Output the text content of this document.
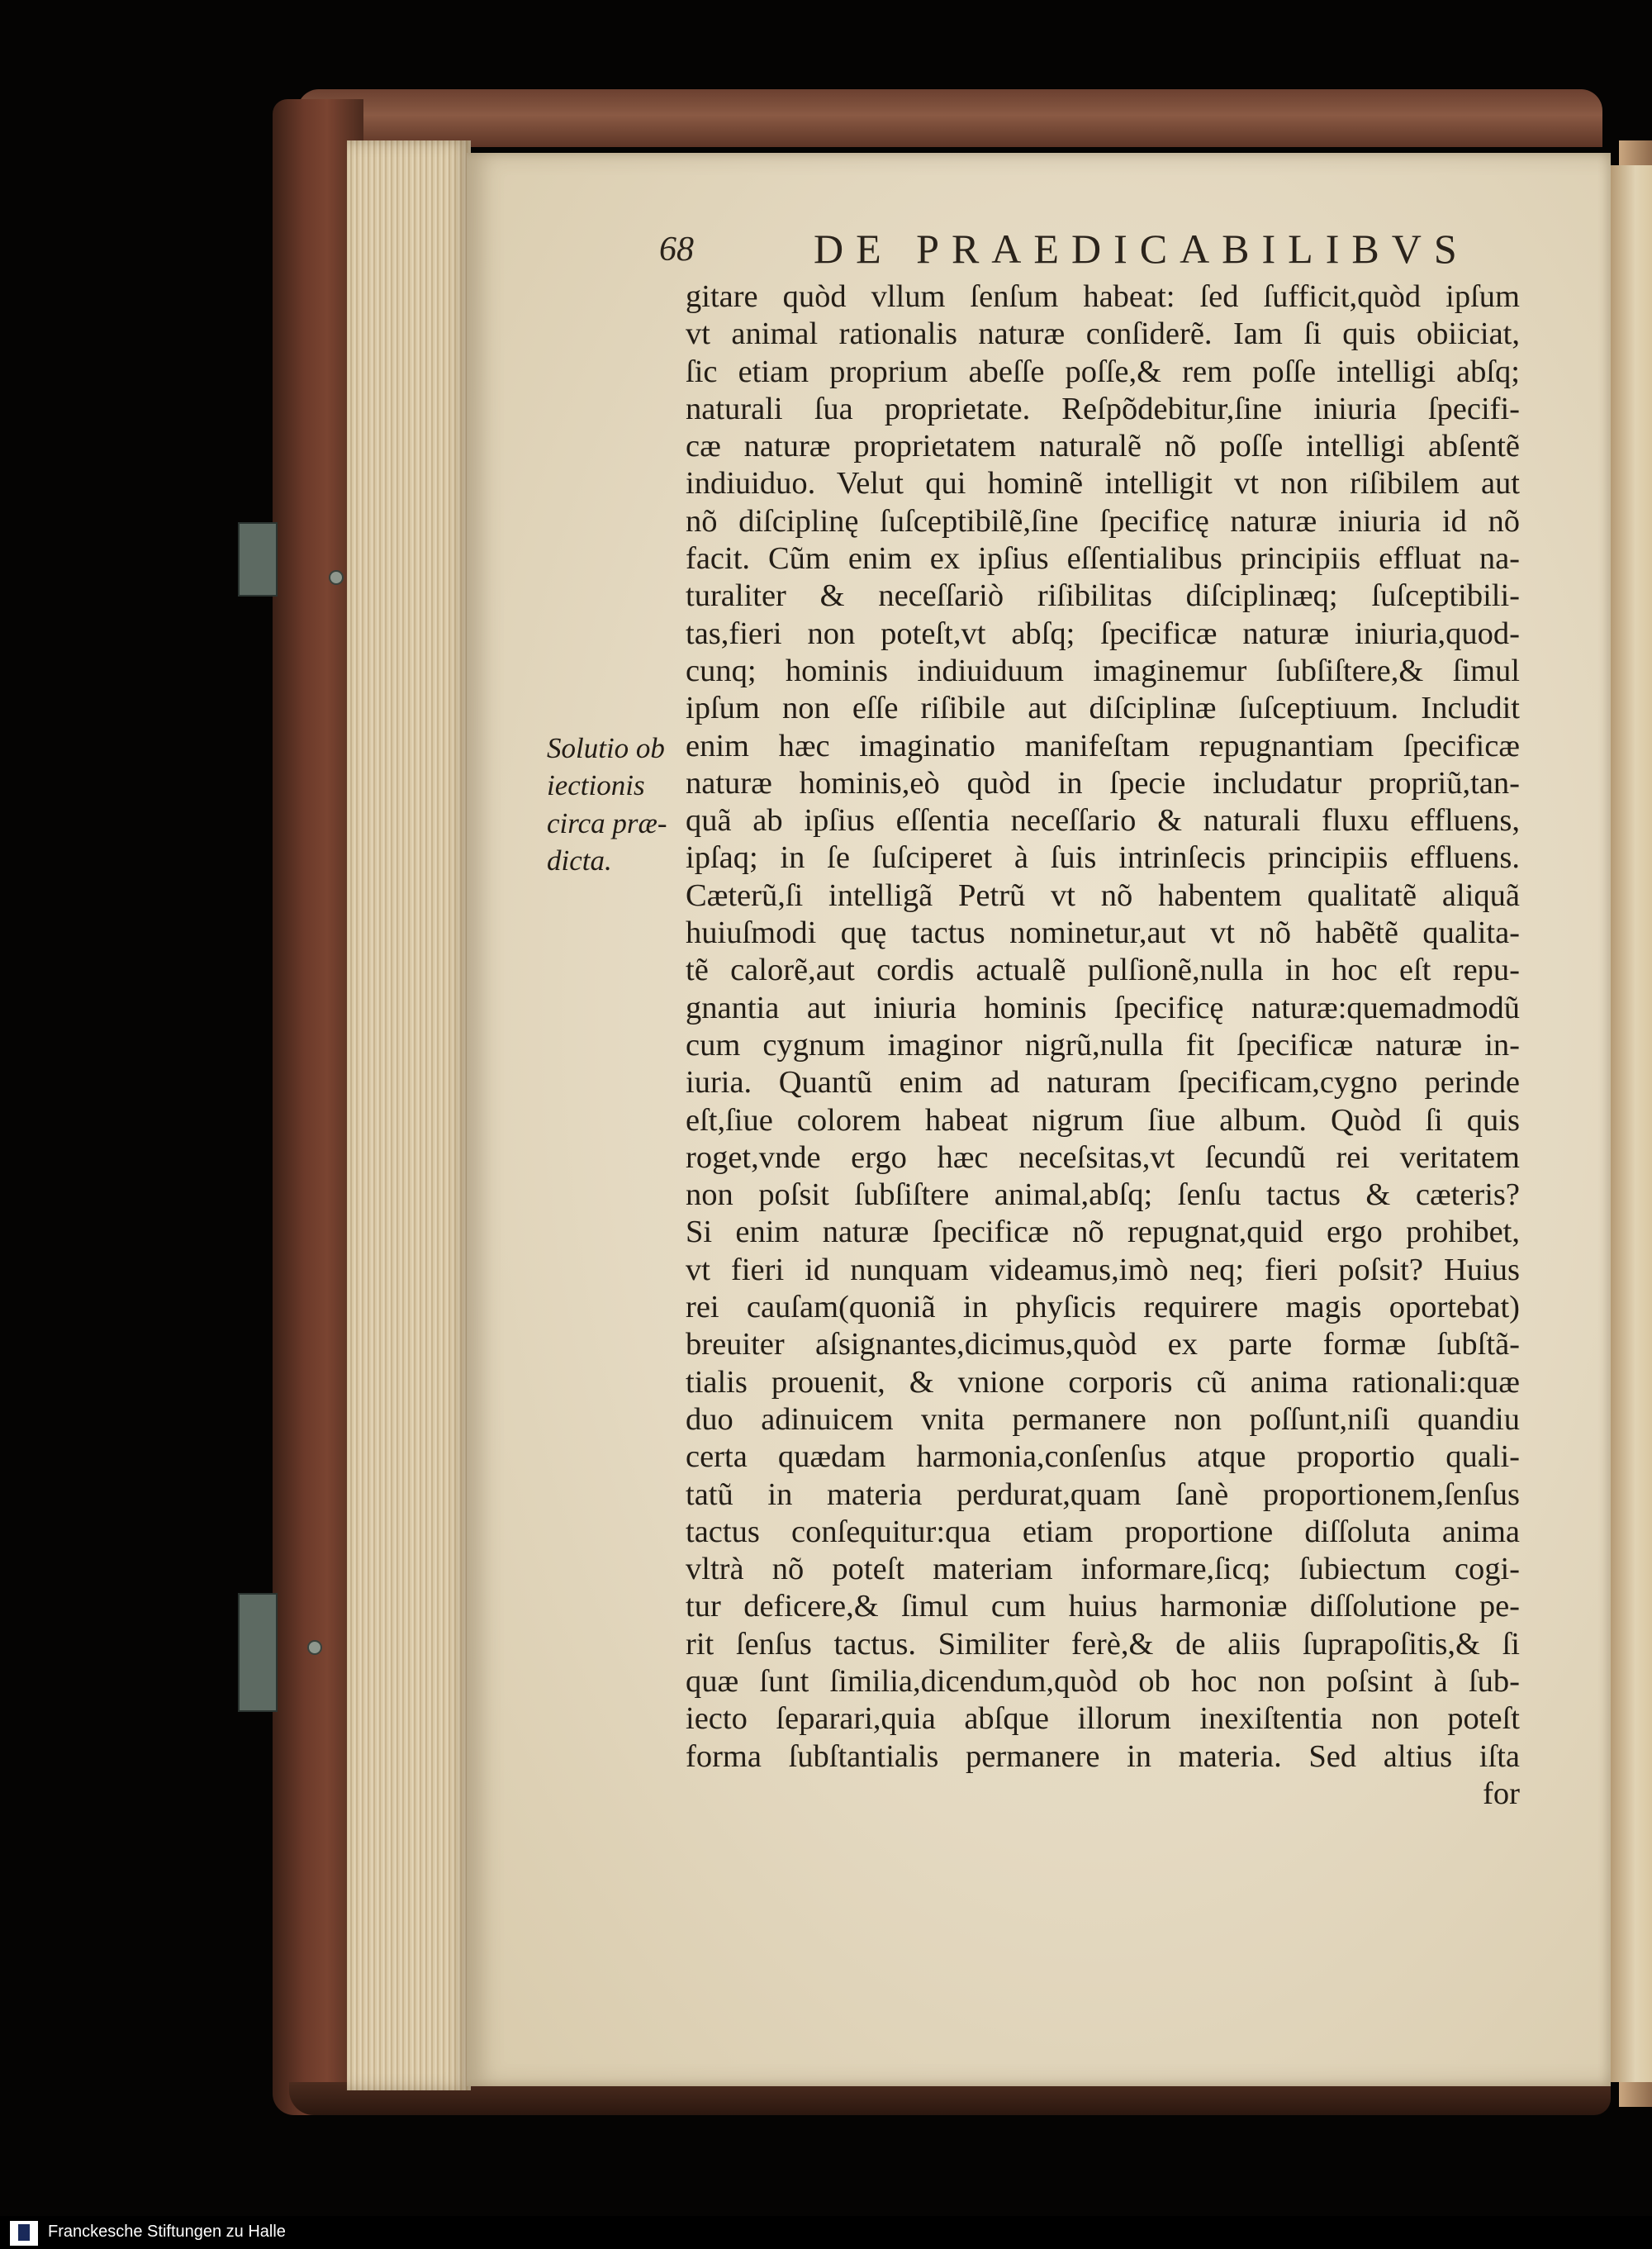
68	DE PRAEDICABILIBVS
Solutio ob
iectionis
circa præ-
dicta.
gitare quòd vllum ſenſum habeat: ſed ſufficit,quòd ipſum
vt animal rationalis naturæ conſiderẽ. Iam ſi quis obiiciat,
ſic etiam proprium abeſſe poſſe,& rem poſſe intelligi abſq;
naturali ſua proprietate. Reſpõdebitur,ſine iniuria ſpecifi-
cæ naturæ proprietatem naturalẽ nõ poſſe intelligi abſentẽ
indiuiduo. Velut qui hominẽ intelligit vt non riſibilem aut
nõ diſciplinę ſuſceptibilẽ,ſine ſpecificę naturæ iniuria id nõ
facit. Cũm enim ex ipſius eſſentialibus principiis effluat na-
turaliter & neceſſariò riſibilitas diſciplinæq; ſuſceptibili-
tas,fieri non poteſt,vt abſq; ſpecificæ naturæ iniuria,quod-
cunq; hominis indiuiduum imaginemur ſubſiſtere,& ſimul
ipſum non eſſe riſibile aut diſciplinæ ſuſceptiuum. Includit
enim hæc imaginatio manifeſtam repugnantiam ſpecificæ
naturæ hominis,eò quòd in ſpecie includatur propriũ,tan-
quã ab ipſius eſſentia neceſſario & naturali fluxu effluens,
ipſaq; in ſe ſuſciperet à ſuis intrinſecis principiis effluens.
Cæterũ,ſi intelligã Petrũ vt nõ habentem qualitatẽ aliquã
huiuſmodi quę tactus nominetur,aut vt nõ habẽtẽ qualita-
tẽ calorẽ,aut cordis actualẽ pulſionẽ,nulla in hoc eſt repu-
gnantia aut iniuria hominis ſpecificę naturæ:quemadmodũ
cum cygnum imaginor nigrũ,nulla fit ſpecificæ naturæ in-
iuria. Quantũ enim ad naturam ſpecificam,cygno perinde
eſt,ſiue colorem habeat nigrum ſiue album. Quòd ſi quis
roget,vnde ergo hæc neceſsitas,vt ſecundũ rei veritatem
non poſsit ſubſiſtere animal,abſq; ſenſu tactus & cæteris?
Si enim naturæ ſpecificæ nõ repugnat,quid ergo prohibet,
vt fieri id nunquam videamus,imò neq; fieri poſsit? Huius
rei cauſam(quoniã in phyſicis requirere magis oportebat)
breuiter aſsignantes,dicimus,quòd ex parte formæ ſubſtã-
tialis prouenit, & vnione corporis cũ anima rationali:quæ
duo adinuicem vnita permanere non poſſunt,niſi quandiu
certa quædam harmonia,conſenſus atque proportio quali-
tatũ in materia perdurat,quam ſanè proportionem,ſenſus
tactus conſequitur:qua etiam proportione diſſoluta anima
vltrà nõ poteſt materiam informare,ſicq; ſubiectum cogi-
tur deficere,& ſimul cum huius harmoniæ diſſolutione pe-
rit ſenſus tactus. Similiter ferè,& de aliis ſuprapoſitis,& ſi
quæ ſunt ſimilia,dicendum,quòd ob hoc non poſsint à ſub-
iecto ſeparari,quia abſque illorum inexiſtentia non poteſt
forma ſubſtantialis permanere in materia. Sed altius iſta
for
Franckesche Stiftungen zu Halle
